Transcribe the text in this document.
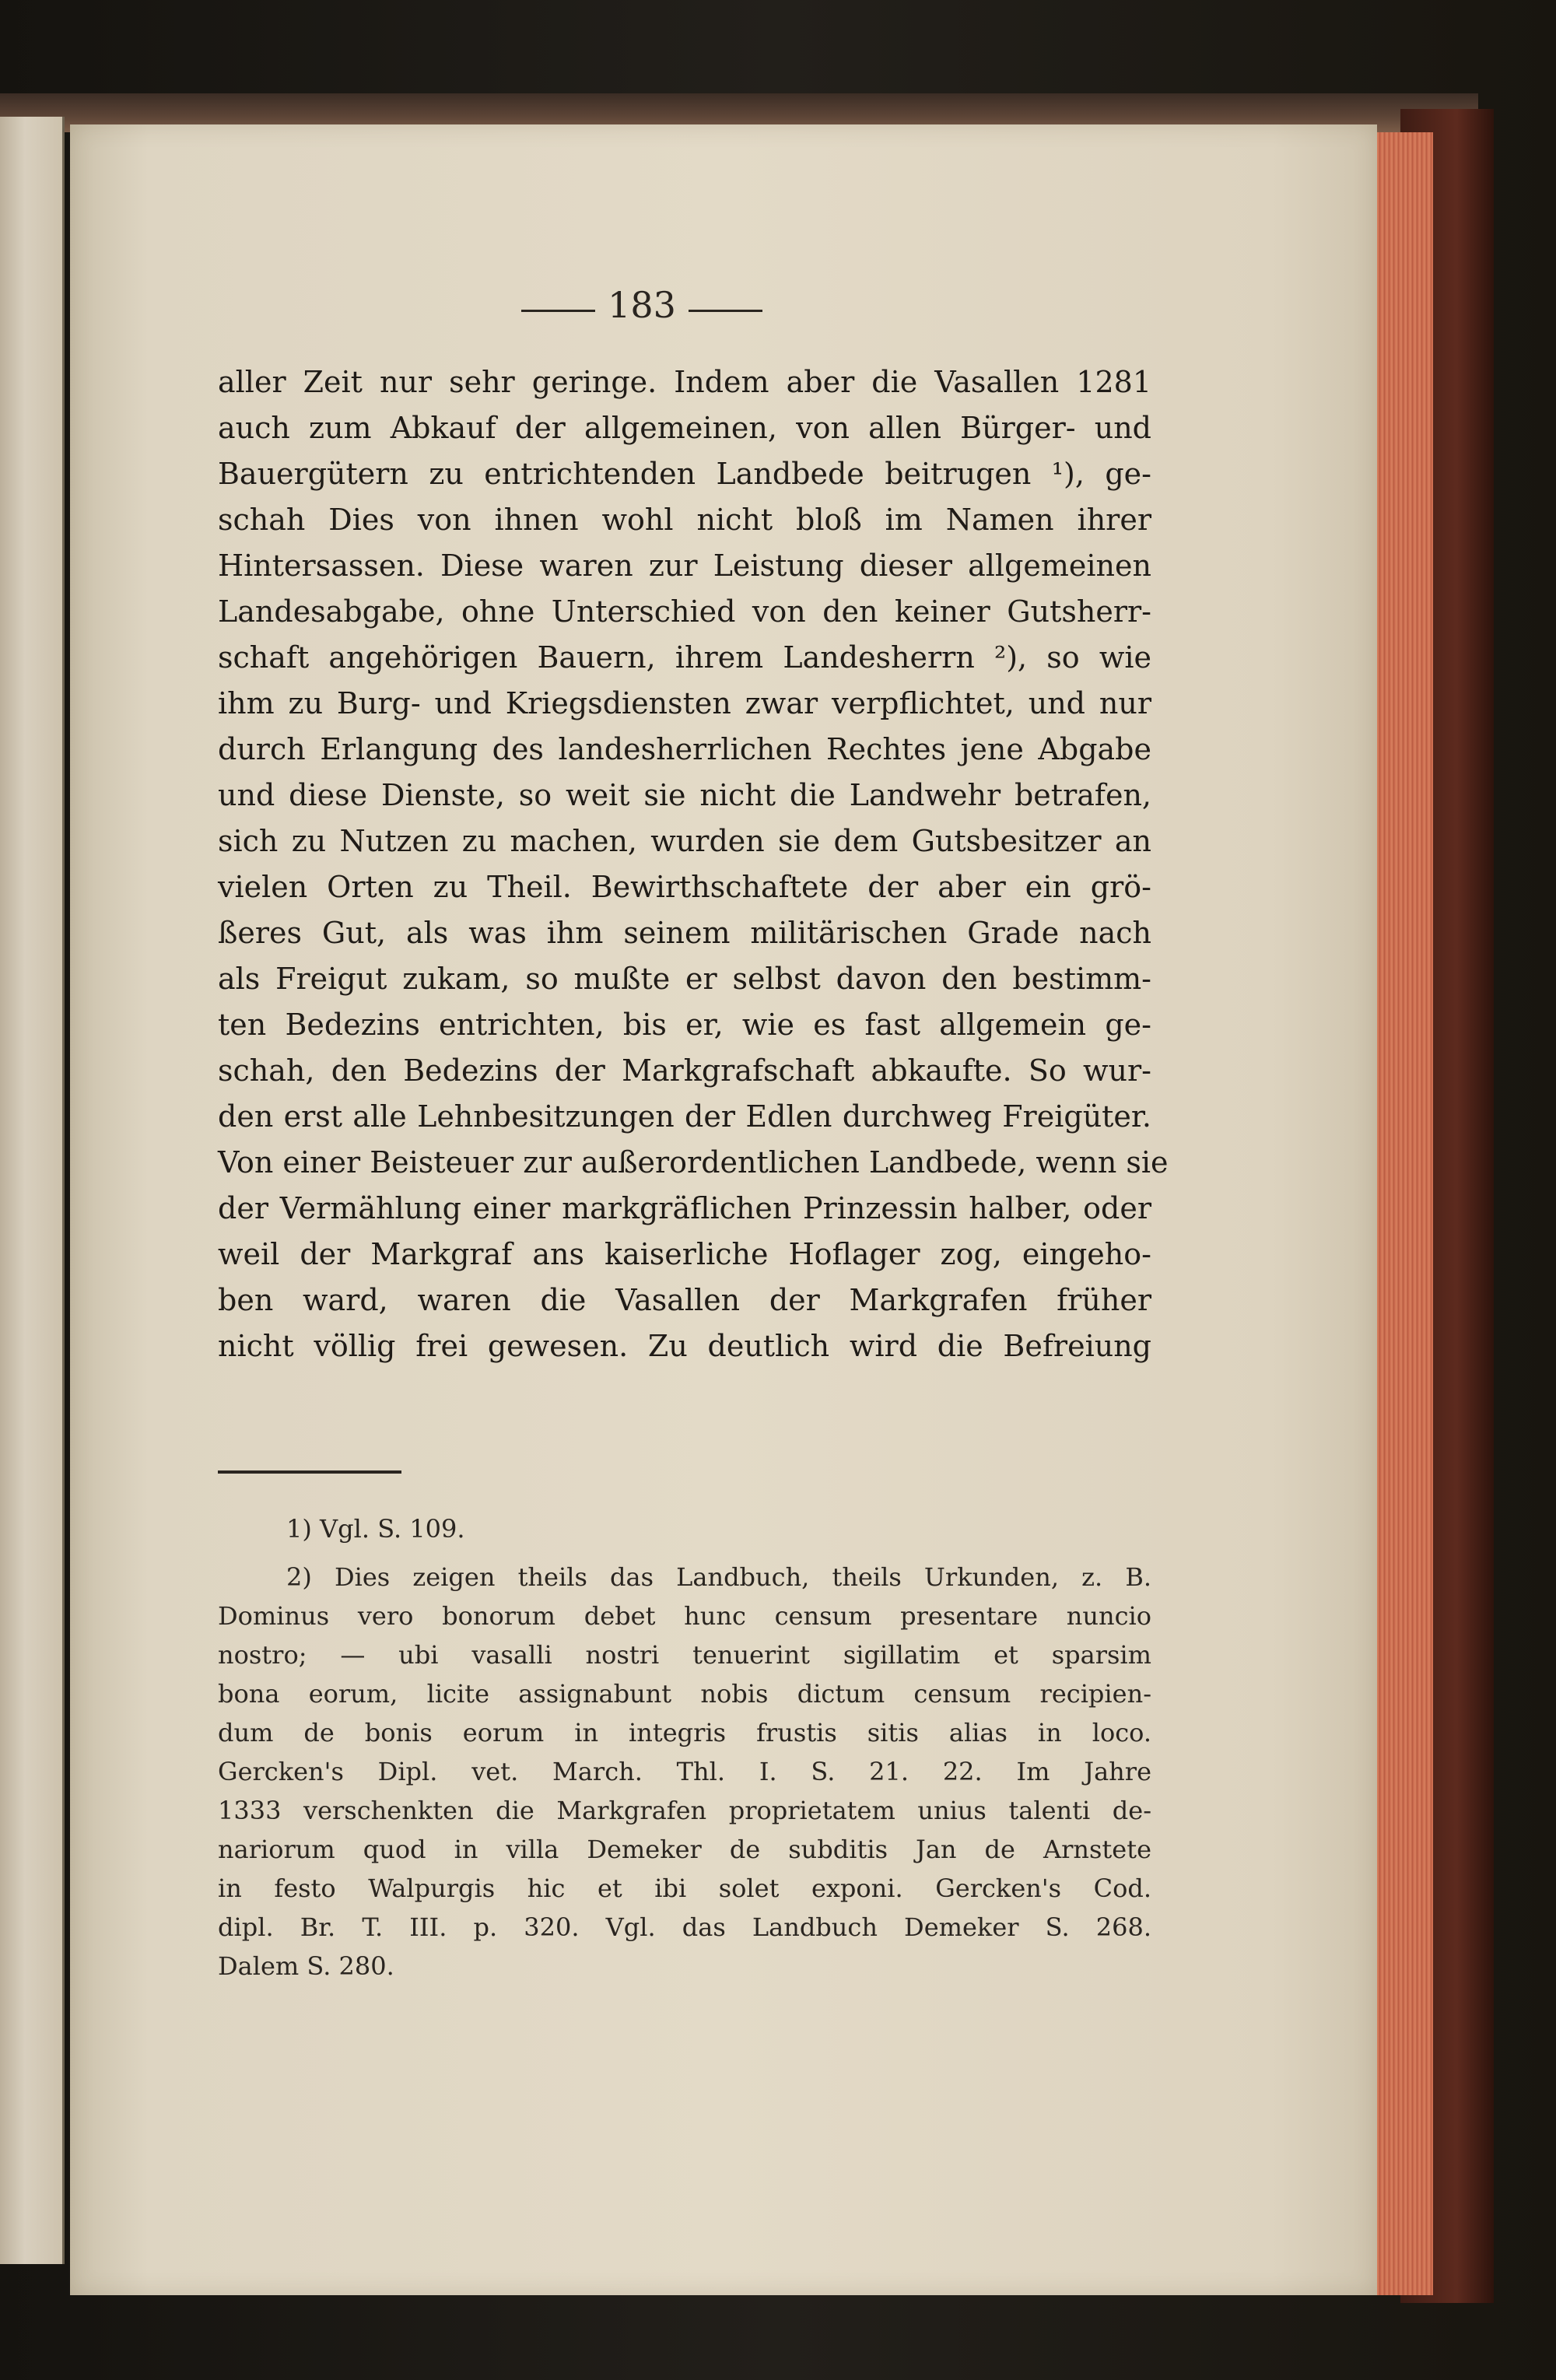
183
aller Zeit nur sehr geringe. Indem aber die Vasallen 1281
auch zum Abkauf der allgemeinen, von allen Bürger- und
Bauergütern zu entrichtenden Landbede beitrugen ¹), ge-
schah Dies von ihnen wohl nicht bloß im Namen ihrer
Hintersassen. Diese waren zur Leistung dieser allgemeinen
Landesabgabe, ohne Unterschied von den keiner Gutsherr-
schaft angehörigen Bauern, ihrem Landesherrn ²), so wie
ihm zu Burg- und Kriegsdiensten zwar verpflichtet, und nur
durch Erlangung des landesherrlichen Rechtes jene Abgabe
und diese Dienste, so weit sie nicht die Landwehr betrafen,
sich zu Nutzen zu machen, wurden sie dem Gutsbesitzer an
vielen Orten zu Theil. Bewirthschaftete der aber ein grö-
ßeres Gut, als was ihm seinem militärischen Grade nach
als Freigut zukam, so mußte er selbst davon den bestimm-
ten Bedezins entrichten, bis er, wie es fast allgemein ge-
schah, den Bedezins der Markgrafschaft abkaufte. So wur-
den erst alle Lehnbesitzungen der Edlen durchweg Freigüter.
Von einer Beisteuer zur außerordentlichen Landbede, wenn sie
der Vermählung einer markgräflichen Prinzessin halber, oder
weil der Markgraf ans kaiserliche Hoflager zog, eingeho-
ben ward, waren die Vasallen der Markgrafen früher
nicht völlig frei gewesen. Zu deutlich wird die Befreiung
1) Vgl. S. 109.
2) Dies zeigen theils das Landbuch, theils Urkunden, z. B.
Dominus vero bonorum debet hunc censum presentare nuncio
nostro; — ubi vasalli nostri tenuerint sigillatim et sparsim
bona eorum, licite assignabunt nobis dictum censum recipien-
dum de bonis eorum in integris frustis sitis alias in loco.
Gercken's Dipl. vet. March. Thl. I. S. 21. 22. Im Jahre
1333 verschenkten die Markgrafen proprietatem unius talenti de-
nariorum quod in villa Demeker de subditis Jan de Arnstete
in festo Walpurgis hic et ibi solet exponi. Gercken's Cod.
dipl. Br. T. III. p. 320. Vgl. das Landbuch Demeker S. 268.
Dalem S. 280.
